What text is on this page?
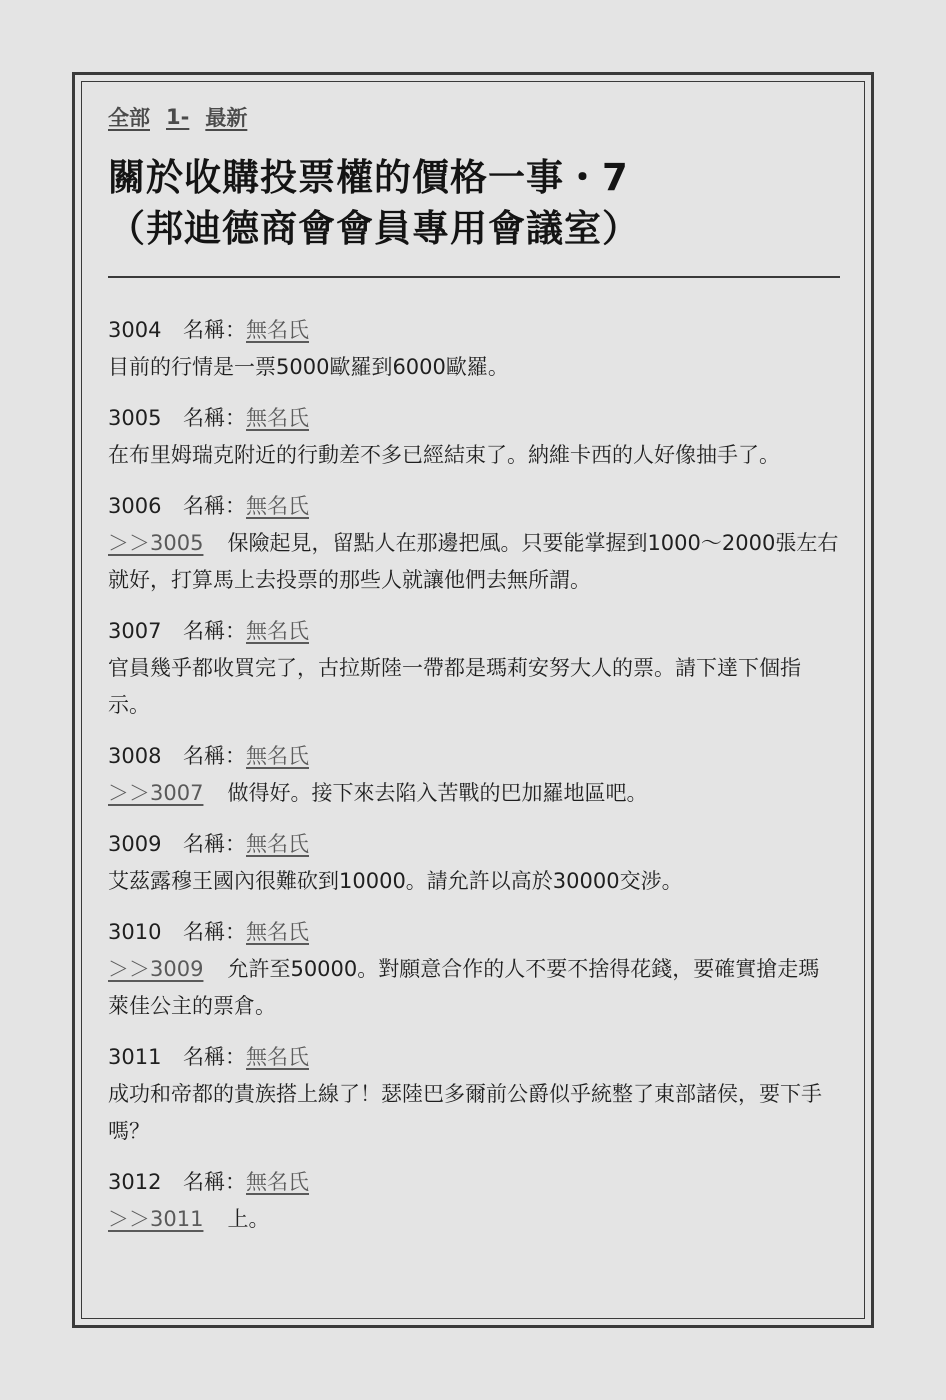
全部 1- 最新
關於收購投票權的價格一事・7
（邦迪德商會會員專用會議室）
3004 名稱：無名氏
目前的行情是一票5000歐羅到6000歐羅。
3005 名稱：無名氏
在布里姆瑞克附近的行動差不多已經結束了。納維卡西的人好像抽手了。
3006 名稱：無名氏
＞＞3005 保險起見，留點人在那邊把風。只要能掌握到1000～2000張左右就好，打算馬上去投票的那些人就讓他們去無所謂。
3007 名稱：無名氏
官員幾乎都收買完了，古拉斯陸一帶都是瑪莉安努大人的票。請下達下個指示。
3008 名稱：無名氏
＞＞3007 做得好。接下來去陷入苦戰的巴加羅地區吧。
3009 名稱：無名氏
艾茲露穆王國內很難砍到10000。請允許以高於30000交涉。
3010 名稱：無名氏
＞＞3009 允許至50000。對願意合作的人不要不捨得花錢，要確實搶走瑪萊佳公主的票倉。
3011 名稱：無名氏
成功和帝都的貴族搭上線了！瑟陸巴多爾前公爵似乎統整了東部諸侯，要下手嗎？
3012 名稱：無名氏
＞＞3011 上。
